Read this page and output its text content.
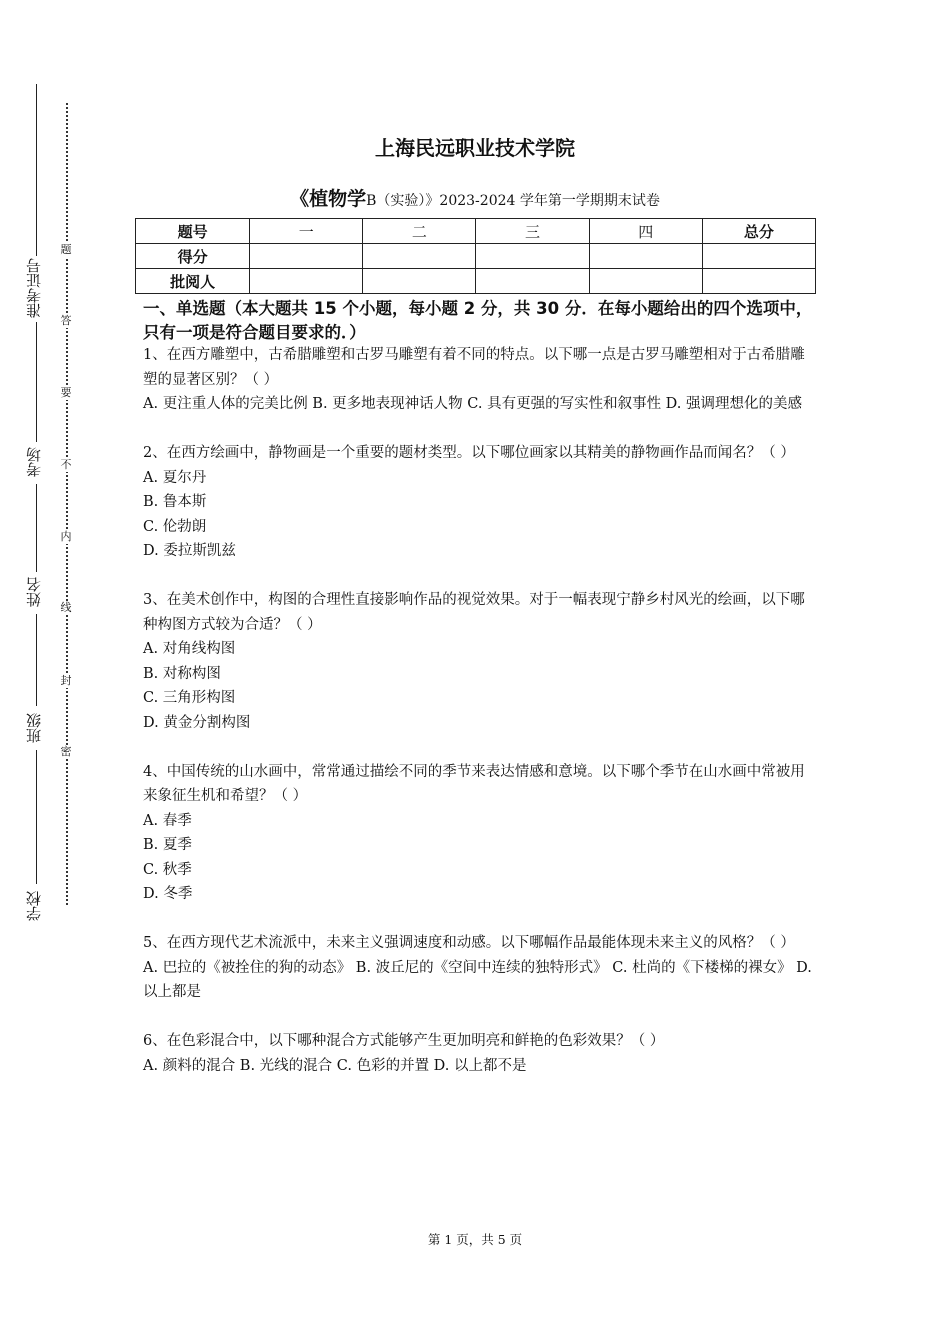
准考证号
考场
姓名
班级
学校
题
答
要
不
内
线
封
密
上海民远职业技术学院
《植物学B（实验）》2023-2024 学年第一学期期末试卷
题号	一	二	三	四	总分
得分					
批阅人					
一、单选题（本大题共 15 个小题，每小题 2 分，共 30 分．在每小题给出的四个选项中，只有一项是符合题目要求的．）

1、在西方雕塑中，古希腊雕塑和古罗马雕塑有着不同的特点。以下哪一点是古罗马雕塑相对于古希腊雕塑的显著区别？（ ）

A. 更注重人体的完美比例 B. 更多地表现神话人物 C. 具有更强的写实性和叙事性 D. 强调理想化的美感

2、在西方绘画中，静物画是一个重要的题材类型。以下哪位画家以其精美的静物画作品而闻名？（ ）

A. 夏尔丹

B. 鲁本斯

C. 伦勃朗

D. 委拉斯凯兹

3、在美术创作中，构图的合理性直接影响作品的视觉效果。对于一幅表现宁静乡村风光的绘画，以下哪种构图方式较为合适？（ ）

A. 对角线构图

B. 对称构图

C. 三角形构图

D. 黄金分割构图

4、中国传统的山水画中，常常通过描绘不同的季节来表达情感和意境。以下哪个季节在山水画中常被用来象征生机和希望？（ ）

A. 春季

B. 夏季

C. 秋季

D. 冬季

5、在西方现代艺术流派中，未来主义强调速度和动感。以下哪幅作品最能体现未来主义的风格？（ ）

A. 巴拉的《被拴住的狗的动态》 B. 波丘尼的《空间中连续的独特形式》 C. 杜尚的《下楼梯的裸女》 D. 以上都是

6、在色彩混合中，以下哪种混合方式能够产生更加明亮和鲜艳的色彩效果？（ ）

A. 颜料的混合 B. 光线的混合 C. 色彩的并置 D. 以上都不是

第 1 页，共 5 页
